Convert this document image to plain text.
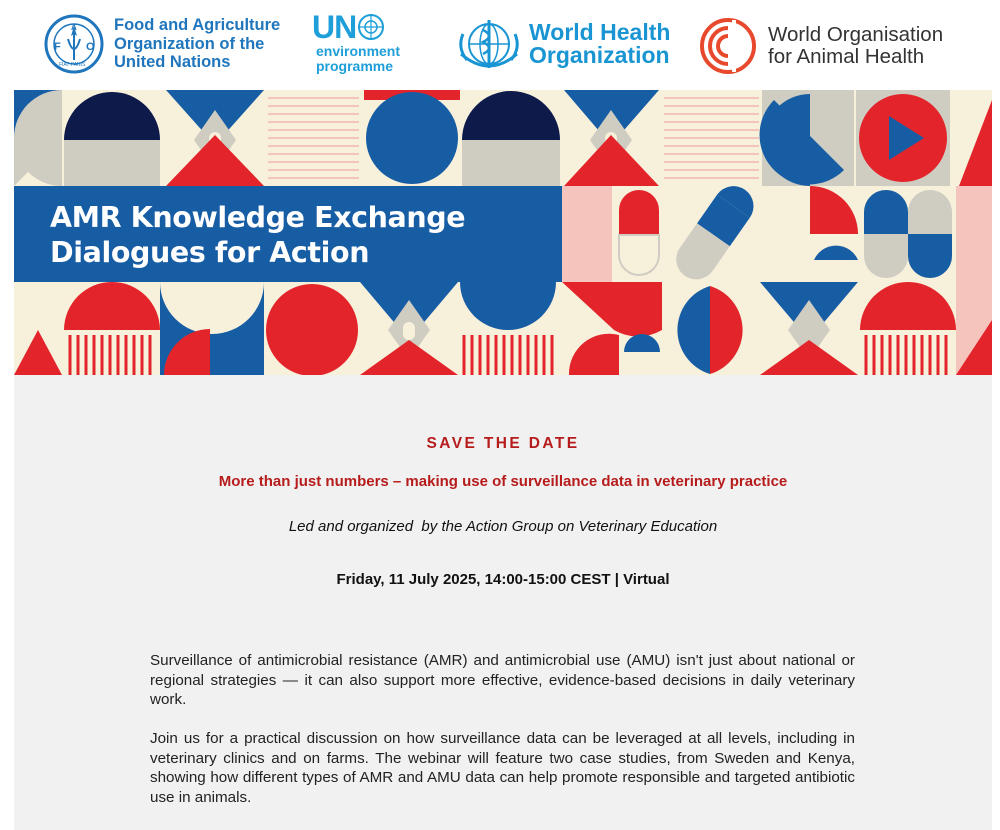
F O
A
FIAT PANIS
Food and Agriculture
Organization of the
United Nations
UN
environment
programme
World Health
Organization
World Organisation
for Animal Health
AMR Knowledge Exchange
Dialogues for Action
SAVE THE DATE
More than just numbers – making use of surveillance data in veterinary practice
Led and organized  by the Action Group on Veterinary Education
Friday, 11 July 2025, 14:00-15:00 CEST | Virtual

Surveillance of antimicrobial resistance (AMR) and antimicrobial use (AMU) isn't just about national or regional strategies — it can also support more effective, evidence-based decisions in daily veterinary work.

Join us for a practical discussion on how surveillance data can be leveraged at all levels, including in veterinary clinics and on farms. The webinar will feature two case studies, from Sweden and Kenya, showing how different types of AMR and AMU data can help promote responsible and targeted antibiotic use in animals.
